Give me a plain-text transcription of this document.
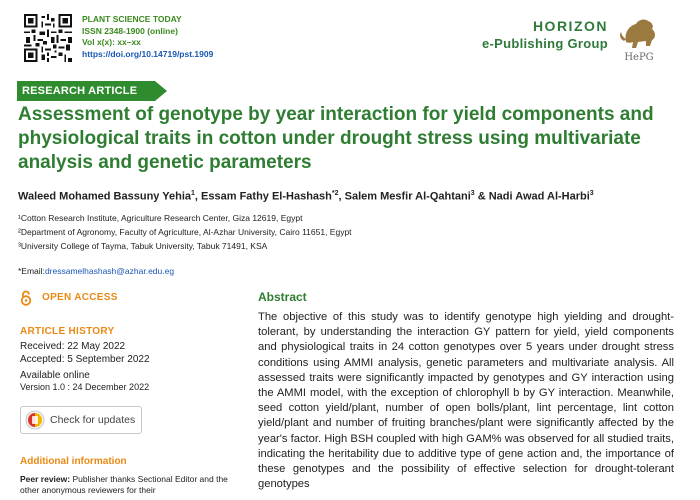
PLANT SCIENCE TODAY
ISSN 2348-1900 (online)
Vol x(x): xx–xx
https://doi.org/10.14719/pst.1909
HORIZON
e-Publishing Group
HePG
RESEARCH ARTICLE
Assessment of genotype by year interaction for yield components and physiological traits in cotton under drought stress using multivariate analysis and genetic parameters
Waleed Mohamed Bassuny Yehia$^1$, Essam Fathy El-Hashash$^{*2}$, Salem Mesfir Al-Qahtani$^3$ & Nadi Awad Al-Harbi$^3$
¹Cotton Research Institute, Agriculture Research Center, Giza 12619, Egypt
²Department of Agronomy, Faculty of Agriculture, Al-Azhar University, Cairo 11651, Egypt
³University College of Tayma, Tabuk University, Tabuk 71491, KSA
*Email:dressamelhashash@azhar.edu.eg
OPEN ACCESS
ARTICLE HISTORY
Received: 22 May 2022
Accepted: 5 September 2022
Available online
Version 1.0 : 24 December 2022
Check for updates
Additional information
Peer review: Publisher thanks Sectional Editor and the other anonymous reviewers for their
Abstract
The objective of this study was to identify genotype high yielding and drought-tolerant, by understanding the interaction GY pattern for yield, yield components and physiological traits in 24 cotton genotypes over 5 years under drought stress conditions using AMMI analysis, genetic parameters and multivariate analysis. All assessed traits were significantly impacted by genotypes and GY interaction using the AMMI model, with the exception of chlorophyll b by GY interaction. Meanwhile, seed cotton yield/plant, number of open bolls/plant, lint percentage, lint cotton yield/plant and number of fruiting branches/plant were significantly affected by the year's factor. High BSH coupled with high GAM% was observed for all studied traits, indicating the heritability due to additive type of gene action and, the importance of these genotypes and the possibility of effective selection for drought-tolerant genotypes
